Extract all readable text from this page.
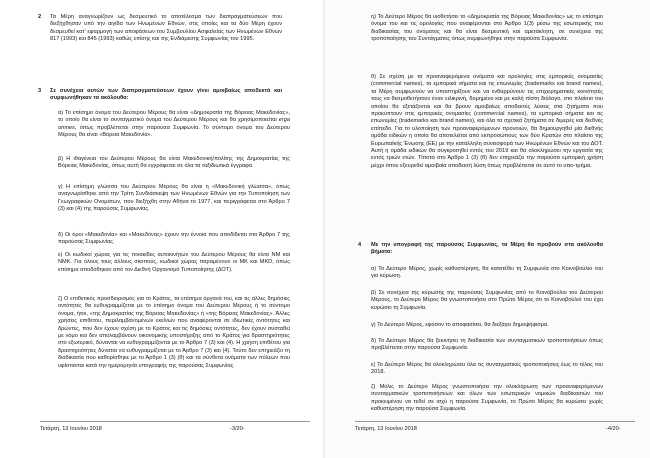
2 Τα Μέρη αναγνωρίζουν ως δεσμευτικό το αποτέλεσμα των διαπραγματεύσεων που διεξήχθησαν υπό την αιγίδα των Ηνωμένων Εθνών, στις οποίες και τα δύο Μέρη έχουν δεσμευθεί κατ' εφαρμογή των αποφάσεων του Συμβουλίου Ασφαλείας των Ηνωμένων Εθνών 817 (1993) και 845 (1993) καθώς επίσης και της Ενδιάμεσης Συμφωνίας του 1995.

3 Σε συνέχεια αυτών των διαπραγματεύσεων έχουν γίνει αμοιβαίως αποδεκτά και συμφωνήθηκαν τα ακόλουθα:

α) Το επίσημο όνομα του Δεύτερου Μέρους θα είναι «Δημοκρατία της Βόρειας Μακεδονίας», το οποίο θα είναι το συνταγματικό όνομα του Δεύτερου Μέρους και θα χρησιμοποιείται erga omnes, όπως προβλέπεται στην παρούσα Συμφωνία. Το σύντομο όνομα του Δεύτερου Μέρους θα είναι «Βόρεια Μακεδονία».

β) Η ιθαγένεια του Δεύτερου Μέρους θα είναι Μακεδονική/πολίτης της Δημοκρατίας της Βόρειας Μακεδονίας, όπως αυτή θα εγγράφεται σε όλα τα ταξιδιωτικά έγγραφα.

γ) Η επίσημη γλώσσα του Δεύτερου Μέρους θα είναι η «Μακεδονική γλώσσα», όπως αναγνωρίσθηκε από την Τρίτη Συνδιάσκεψη των Ηνωμένων Εθνών για την Τυποποίηση των Γεωγραφικών Ονομάτων, που διεξήχθη στην Αθήνα το 1977, και περιγράφεται στο Άρθρο 7 (3) και (4) της παρούσας Συμφωνίας.

δ) Οι όροι «Μακεδονία» και «Μακεδόνας» έχουν την έννοια που αποδίδεται στο Άρθρο 7 της παρούσας Συμφωνίας.

ε) Οι κωδικοί χώρας για τις πινακίδες αυτοκινήτων του Δεύτερου Μέρους θα είναι NM και NMK. Για όλους τους άλλους σκοπούς, κωδικοί χώρας παραμένουν οι MK και MKD, όπως επίσημα αποδόθηκαν από τον Διεθνή Οργανισμό Τυποποίησης (ΔΟΤ).

ζ) Ο επιθετικός προσδιορισμός για το Κράτος, τα επίσημα όργανά του, και τις άλλες δημόσιες οντότητες θα ευθυγραμμίζεται με το επίσημο όνομα του Δεύτερου Μέρους ή το σύντομο όνομα, ήτοι, «της Δημοκρατίας της Βόρειας Μακεδονίας» ή «της Βόρειας Μακεδονίας». Άλλες χρήσεις επιθέτου, περιλαμβανομένων εκείνων που αναφέρονται σε ιδιωτικές οντότητες και δρώντες, που δεν έχουν σχέση με το Κράτος και τις δημόσιες οντότητες, δεν έχουν συσταθεί με νόμο και δεν απολαμβάνουν οικονομικής υποστήριξης από το Κράτος για δραστηριότητες στο εξωτερικό, δύνανται να ευθυγραμμίζονται με το Άρθρο 7 (3) και (4). Η χρήση επιθέτου για δραστηριότητες δύναται να ευθυγραμμίζεται με το Άρθρο 7 (3) και (4). Τούτο δεν επηρεάζει τη διαδικασία που καθορίσθηκε με το Άρθρο 1 (3) (θ) και τα σύνθετα ονόματα των πόλεων που υφίστανται κατά την ημερομηνία υπογραφής της παρούσας Συμφωνίας.

Τετάρτη, 13 Ιουνίου 2018	-3/20-

η) Το Δεύτερο Μέρος θα υιοθετήσει το «Δημοκρατία της Βόρειας Μακεδονίας» ως το επίσημο όνομα του και τις ορολογίες που αναφέρονται στο Άρθρο 1(3) μέσω της εσωτερικής του διαδικασίας του ονόματος και θα είναι δεσμευτική και αμετάκλητη, σε συνέχεια της τροποποίησης του Συντάγματος όπως συμφωνήθηκε στην παρούσα Συμφωνία.

θ) Σε σχέση με τα προαναφερόμενα ονόματα και ορολογίες στις εμπορικές ονομασίες (commercial names), τα εμπορικά σήματα και τις επωνυμίες (trademarks και brand names), τα Μέρη συμφωνούν να υποστηρίξουν και να ενθαρρύνουν τις επιχειρηματικές κοινότητές τους να θεσμοθετήσουν έναν ειλικρινή, δομημένο και με καλή πίστη διάλογο, στο πλαίσιο του οποίου θα εξετάζονται και θα βρουν αμοιβαίως αποδεκτές λύσεις στα ζητήματα που προκύπτουν στις εμπορικές ονομασίες (commercial names), τα εμπορικά σήματα και τις επωνυμίες (trademarks και brand names), και όλα τα σχετικά ζητήματα σε διμερές και διεθνές επίπεδο. Για το υλοποίηση των προαναφερόμενων προνοιών, θα δημιουργηθεί μία διεθνής ομάδα ειδικών η οποία θα αποτελείται από εκπροσώπους των δύο Κρατών στο πλαίσιο της Ευρωπαϊκής Ένωσης (ΕΕ) με την κατάλληλη συνεισφορά των Ηνωμένων Εθνών και του ΔΟΤ. Αυτή η ομάδα ειδικών θα συγκροτηθεί εντός του 2019 και θα ολοκληρώσει την εργασία της εντός τριών ετών. Τίποτα στο Άρθρο 1 (3) (θ) δεν επηρεάζει την παρούσα εμπορική χρήση μέχρι όπου εξευρεθεί αμοιβαία αποδεκτή λύση όπως προβλέπεται σε αυτό το υπο-τμήμα.

4 Με την υπογραφή της παρούσας Συμφωνίας, τα Μέρη θα προβούν στα ακόλουθα βήματα:

α) Το Δεύτερο Μέρος, χωρίς καθυστέρηση, θα κατατέθει τη Συμφωνία στο Κοινοβούλιο του για κύρωση.

β) Σε συνέχεια της κύρωσης της παρούσας Συμφωνίας από το Κοινοβούλιο του Δεύτερου Μέρους, το Δεύτερο Μέρος θα γνωστοποιήσει στο Πρώτο Μέρος ότι το Κοινοβούλιό του έχει κυρώσει τη Συμφωνία.

γ) Το Δεύτερο Μέρος, εφόσον το αποφασίσει, θα διεξάγει δημοψήφισμα.

δ) Το Δεύτερο Μέρος θα ξεκινήσει τη διαδικασία των συνταγματικών τροποποιήσεων όπως προβλέπεται στην παρούσα Συμφωνία.

ε) Το Δεύτερο Μέρος θα ολοκληρώσει όλα τις συνταγματικές τροποποιήσεις έως το τέλος του 2018.

ζ) Μόλις το Δεύτερο Μέρος γνωστοποιήσει την ολοκλήρωση των προαναφερόμενων συνταγματικών τροποποιήσεων και όλων των εσωτερικών νομικών διαδικασιών του προκειμένου να τεθεί σε ισχύ η παρούσα Συμφωνία, το Πρώτο Μέρος θα κυρώσει χωρίς καθυστέρηση την παρούσα Συμφωνία.

Τετάρτη, 13 Ιουνίου 2018	-4/20-
